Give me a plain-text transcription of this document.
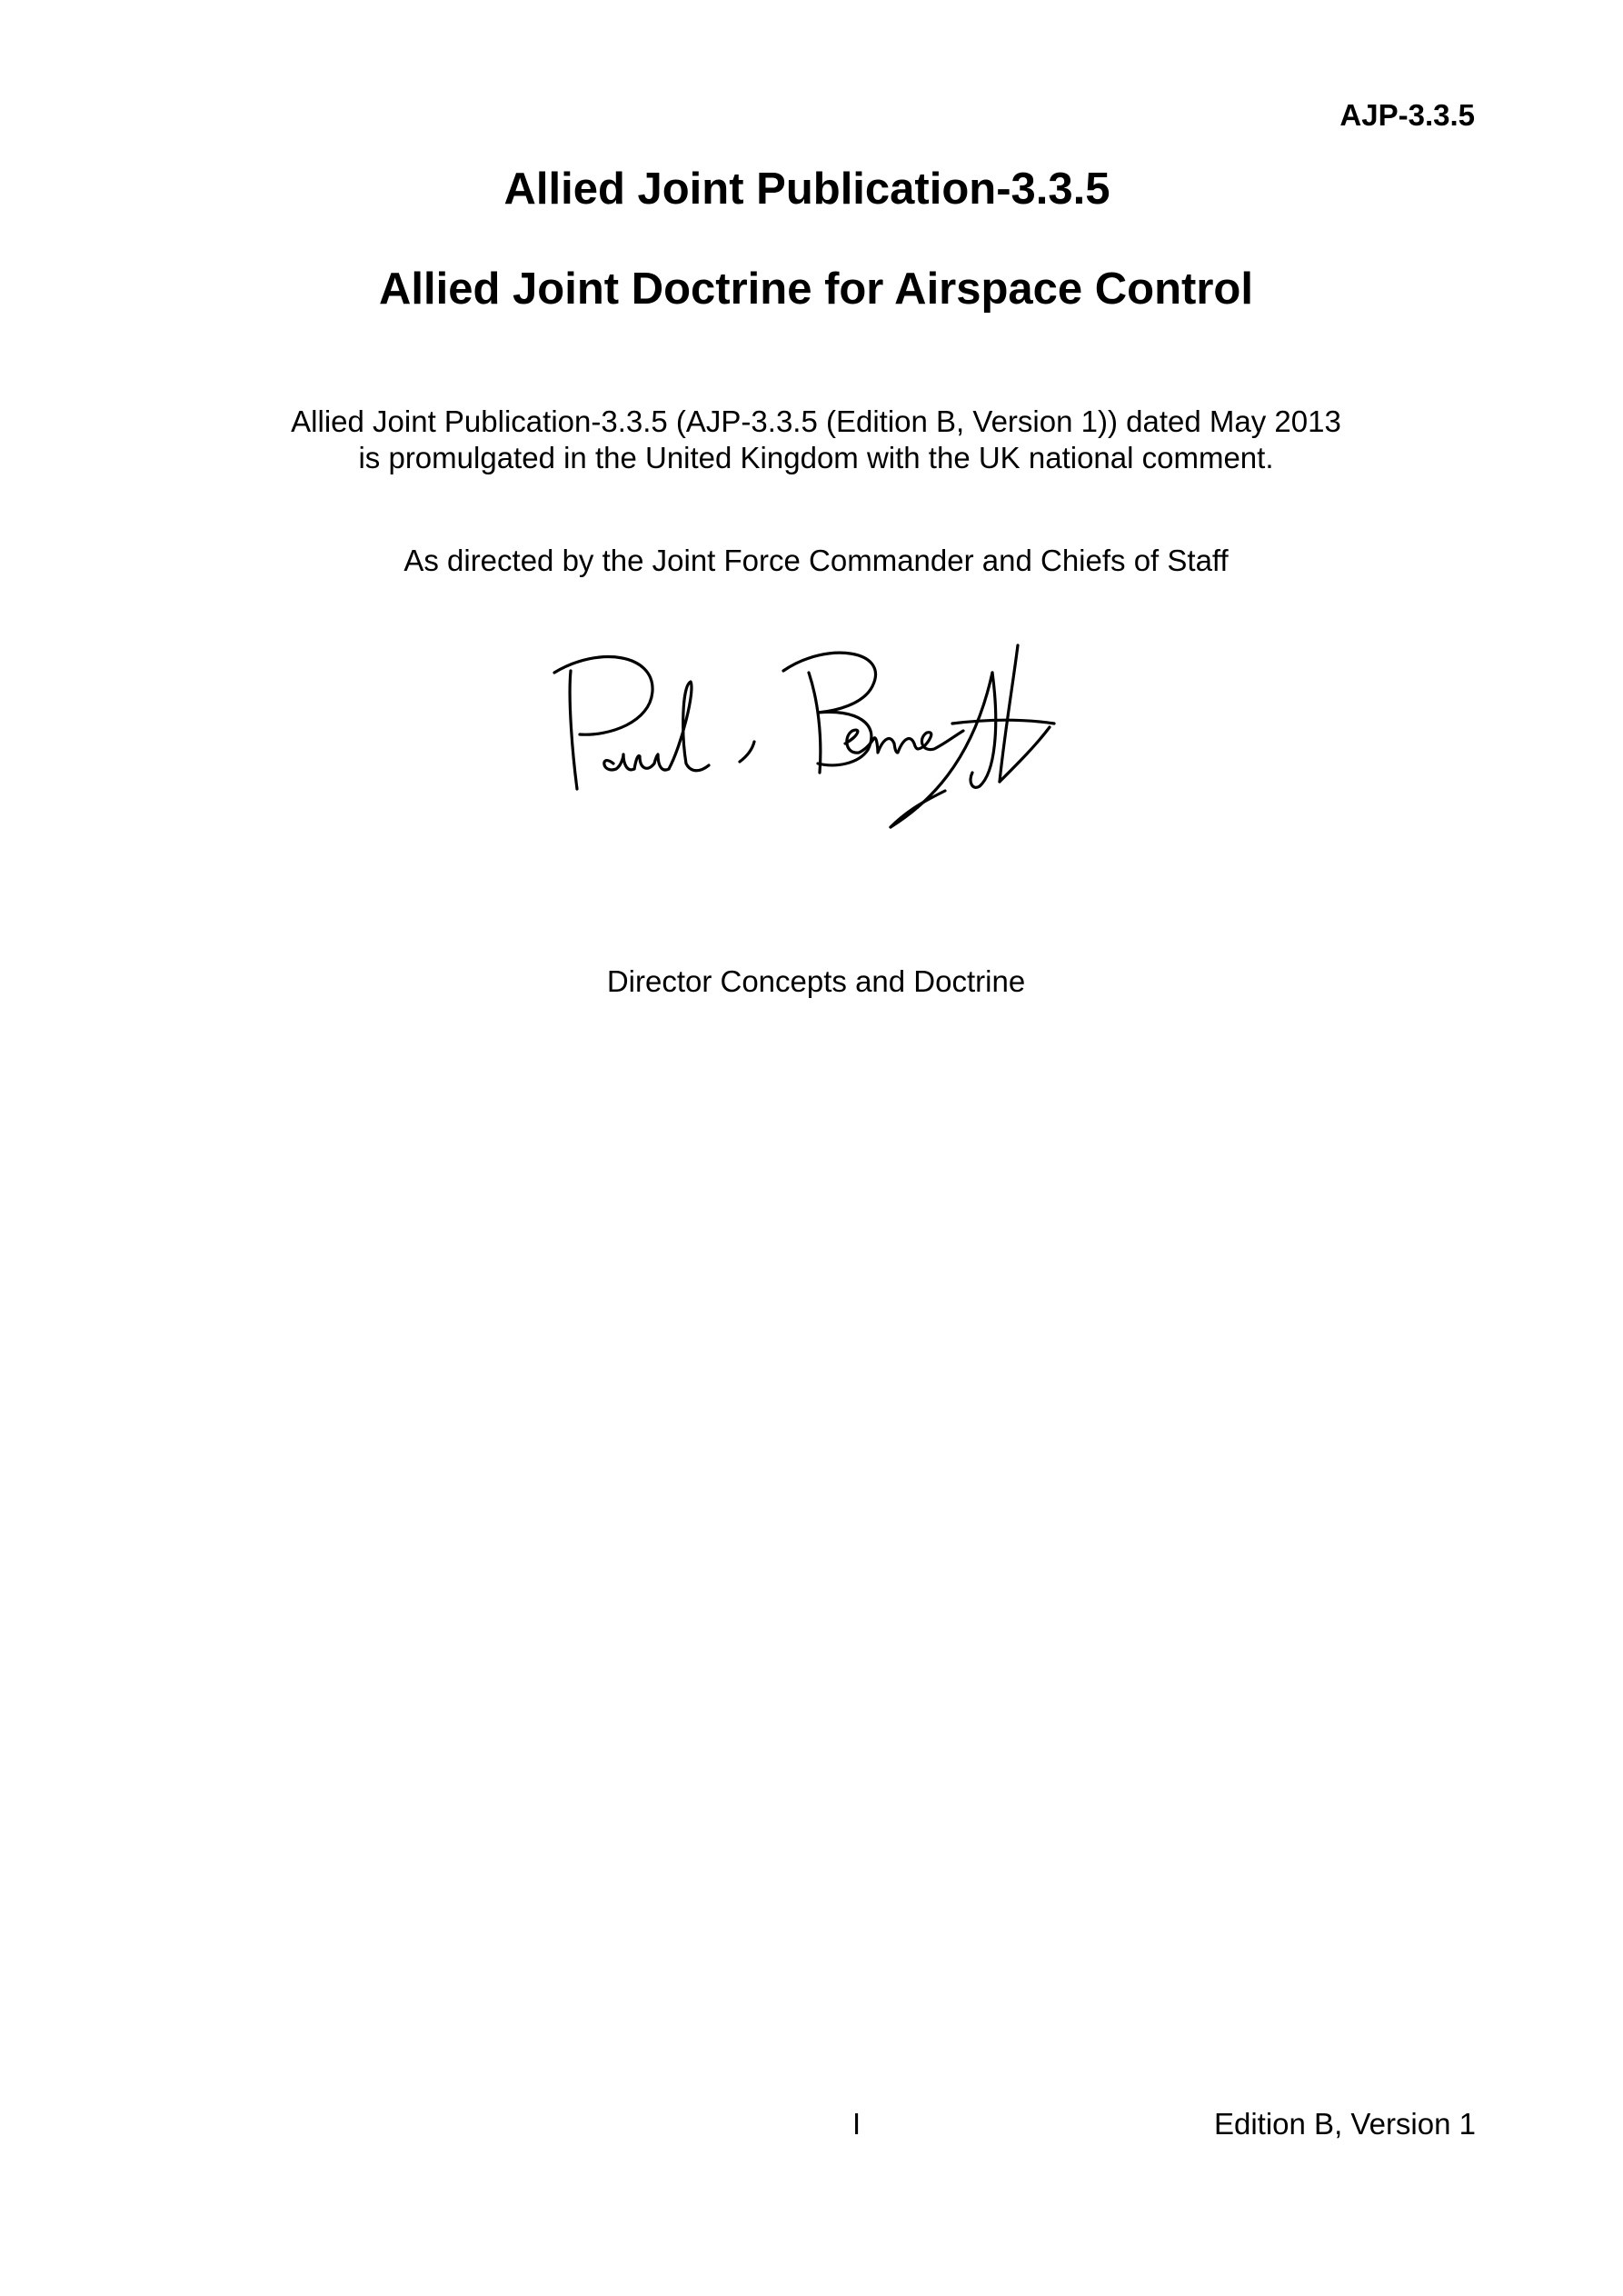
AJP-3.3.5
Allied Joint Publication-3.3.5
Allied Joint Doctrine for Airspace Control
Allied Joint Publication-3.3.5 (AJP-3.3.5 (Edition B, Version 1)) dated May 2013
is promulgated in the United Kingdom with the UK national comment.
As directed by the Joint Force Commander and Chiefs of Staff
Director Concepts and Doctrine
I	Edition B, Version 1
